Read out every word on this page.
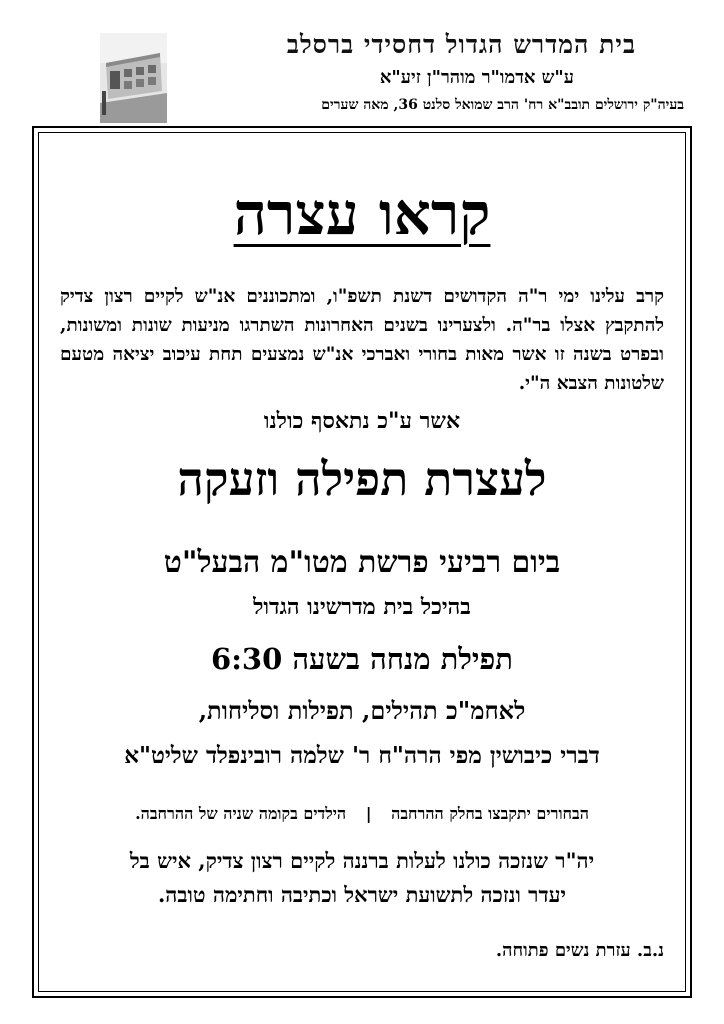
בית המדרש הגדול דחסידי ברסלב
ע"ש אדמו"ר מוהר"ן זיע"א
בעיה"ק ירושלים תובב"א רח' הרב שמואל סלנט 36, מאה שערים
קראו עצרה
קרב עלינו ימי ר"ה הקדושים דשנת תשפ"ו, ומתכוננים אנ"ש לקיים רצון צדיק להתקבץ אצלו בר"ה. ולצערינו בשנים האחרונות השתרגו מניעות שונות ומשונות, ובפרט בשנה זו אשר מאות בחורי ואברכי אנ"ש נמצעים תחת עיכוב יציאה מטעם שלטונות הצבא ה"י.
אשר ע"כ נתאסף כולנו
לעצרת תפילה וזעקה
ביום רביעי פרשת מטו"מ הבעל"ט
בהיכל בית מדרשינו הגדול
תפילת מנחה בשעה 6:30
לאחמ"כ תהילים, תפילות וסליחות,
דברי כיבושין מפי הרה"ח ר' שלמה רובינפלד שליט"א
הבחורים יתקבצו בחלק ההרחבה | הילדים בקומה שניה של ההרחבה.
יה"ר שנזכה כולנו לעלות ברננה לקיים רצון צדיק, איש בל
יעדר ונזכה לתשועת ישראל וכתיבה וחתימה טובה.
נ.ב. עזרת נשים פתוחה.
